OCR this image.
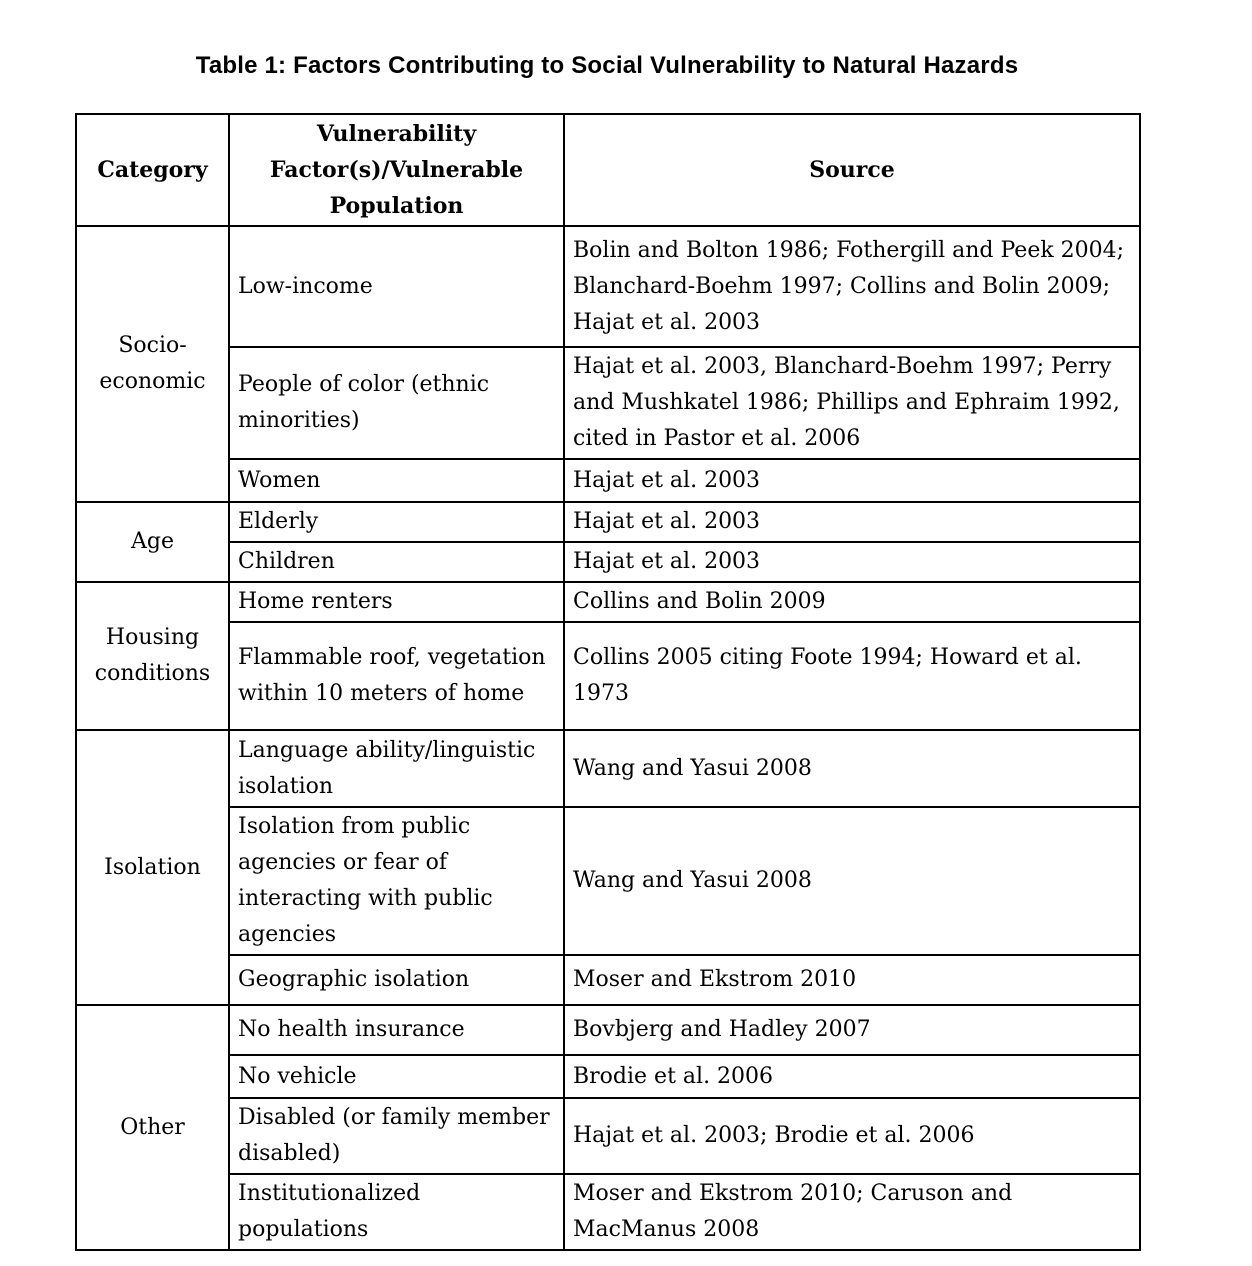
Table 1: Factors Contributing to Social Vulnerability to Natural Hazards
Category	Vulnerability Factor(s)/Vulnerable Population	Source
Socio-economic	Low-income	Bolin and Bolton 1986; Fothergill and Peek 2004; Blanchard-Boehm 1997; Collins and Bolin 2009; Hajat et al. 2003
	People of color (ethnic minorities)	Hajat et al. 2003, Blanchard-Boehm 1997; Perry and Mushkatel 1986; Phillips and Ephraim 1992, cited in Pastor et al. 2006
	Women	Hajat et al. 2003
Age	Elderly	Hajat et al. 2003
	Children	Hajat et al. 2003
Housing conditions	Home renters	Collins and Bolin 2009
	Flammable roof, vegetation within 10 meters of home	Collins 2005 citing Foote 1994; Howard et al. 1973
Isolation	Language ability/linguistic isolation	Wang and Yasui 2008
	Isolation from public agencies or fear of interacting with public agencies	Wang and Yasui 2008
	Geographic isolation	Moser and Ekstrom 2010
Other	No health insurance	Bovbjerg and Hadley 2007
	No vehicle	Brodie et al. 2006
	Disabled (or family member disabled)	Hajat et al. 2003; Brodie et al. 2006
	Institutionalized populations	Moser and Ekstrom 2010; Caruson and MacManus 2008
